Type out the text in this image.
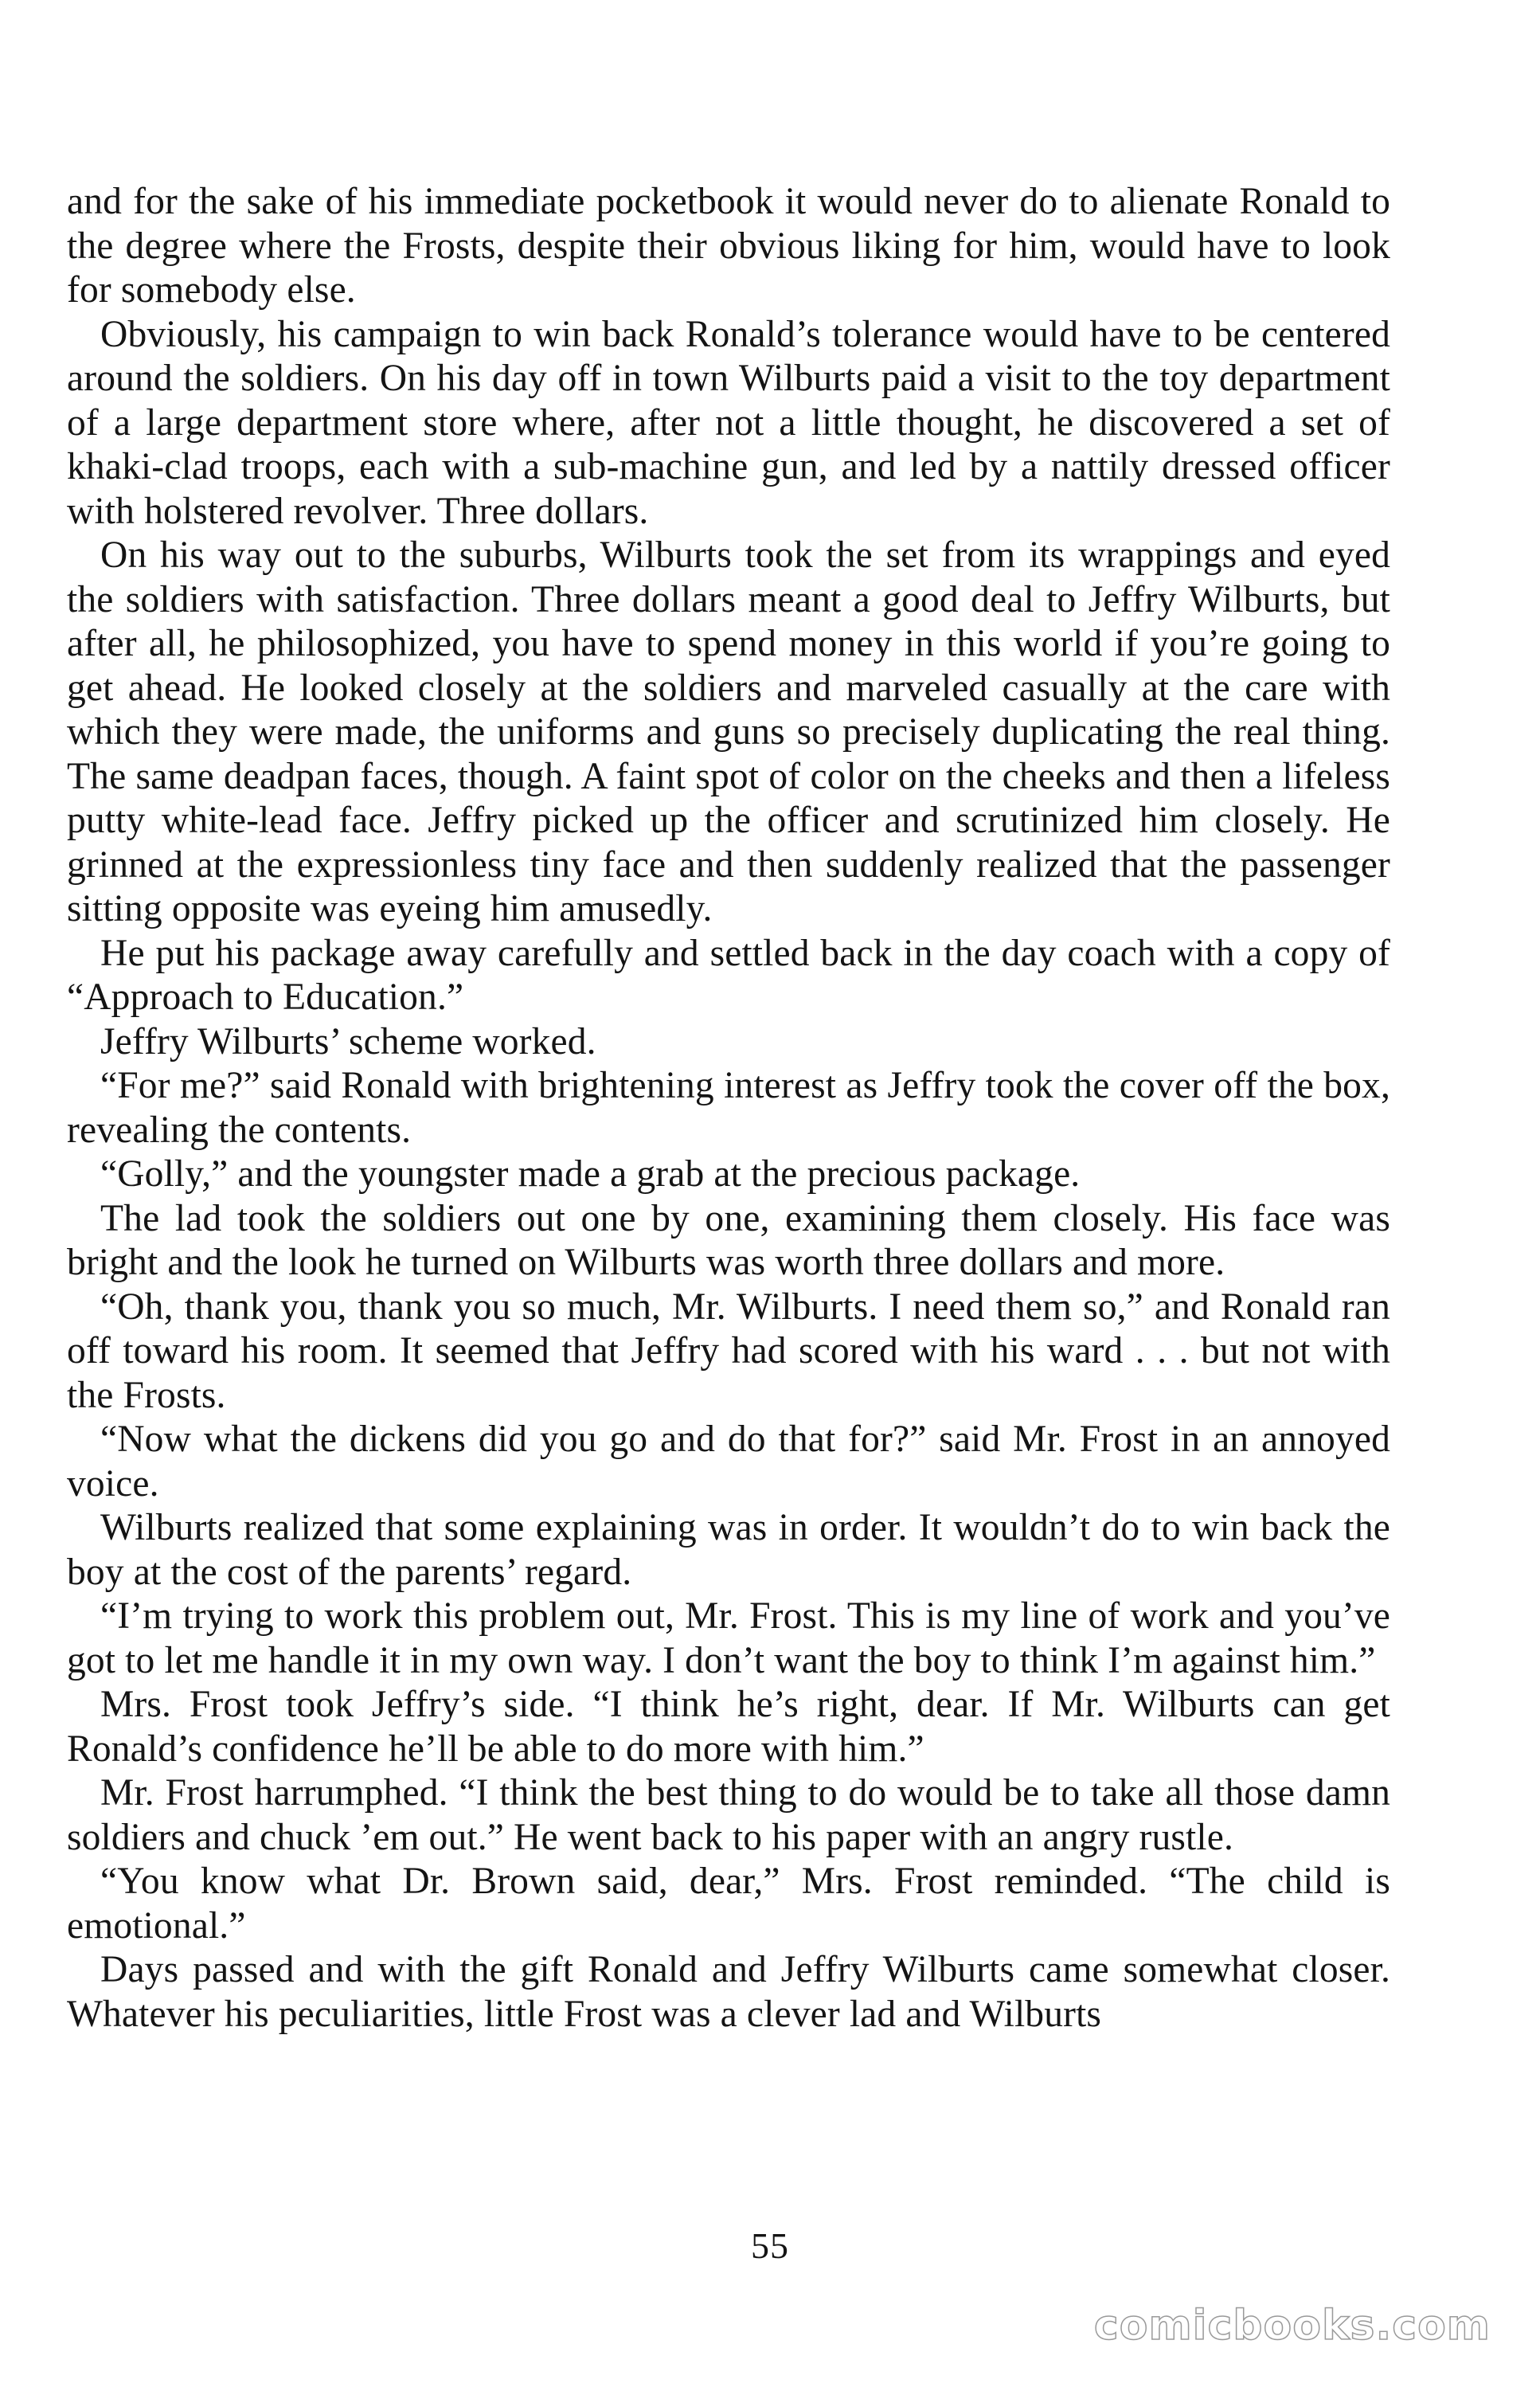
and for the sake of his immediate pocketbook it would never do to alienate Ronald to the degree where the Frosts, despite their obvious liking for him, would have to look for somebody else.

Obviously, his campaign to win back Ronald’s tolerance would have to be centered around the soldiers. On his day off in town Wilburts paid a visit to the toy department of a large department store where, after not a little thought, he discovered a set of khaki-clad troops, each with a sub-machine gun, and led by a nattily dressed officer with holstered revolver. Three dollars.

On his way out to the suburbs, Wilburts took the set from its wrappings and eyed the soldiers with satisfaction. Three dollars meant a good deal to Jeffry Wilburts, but after all, he philosophized, you have to spend money in this world if you’re going to get ahead. He looked closely at the soldiers and marveled casually at the care with which they were made, the uniforms and guns so precisely duplicating the real thing. The same deadpan faces, though. A faint spot of color on the cheeks and then a lifeless putty white-lead face. Jeffry picked up the officer and scrutinized him closely. He grinned at the expressionless tiny face and then suddenly realized that the passenger sitting opposite was eyeing him amusedly.

He put his package away carefully and settled back in the day coach with a copy of “Approach to Education.”

Jeffry Wilburts’ scheme worked.

“For me?” said Ronald with brightening interest as Jeffry took the cover off the box, revealing the contents.

“Golly,” and the youngster made a grab at the precious package.

The lad took the soldiers out one by one, examining them closely. His face was bright and the look he turned on Wilburts was worth three dollars and more.

“Oh, thank you, thank you so much, Mr. Wilburts. I need them so,” and Ronald ran off toward his room. It seemed that Jeffry had scored with his ward . . . but not with the Frosts.

“Now what the dickens did you go and do that for?” said Mr. Frost in an annoyed voice.

Wilburts realized that some explaining was in order. It wouldn’t do to win back the boy at the cost of the parents’ regard.

“I’m trying to work this problem out, Mr. Frost. This is my line of work and you’ve got to let me handle it in my own way. I don’t want the boy to think I’m against him.”

Mrs. Frost took Jeffry’s side. “I think he’s right, dear. If Mr. Wilburts can get Ronald’s confidence he’ll be able to do more with him.”

Mr. Frost harrumphed. “I think the best thing to do would be to take all those damn soldiers and chuck ’em out.” He went back to his paper with an angry rustle.

“You know what Dr. Brown said, dear,” Mrs. Frost reminded. “The child is emotional.”

Days passed and with the gift Ronald and Jeffry Wilburts came somewhat closer. Whatever his peculiarities, little Frost was a clever lad and Wilburts

55
comicbooks.com
